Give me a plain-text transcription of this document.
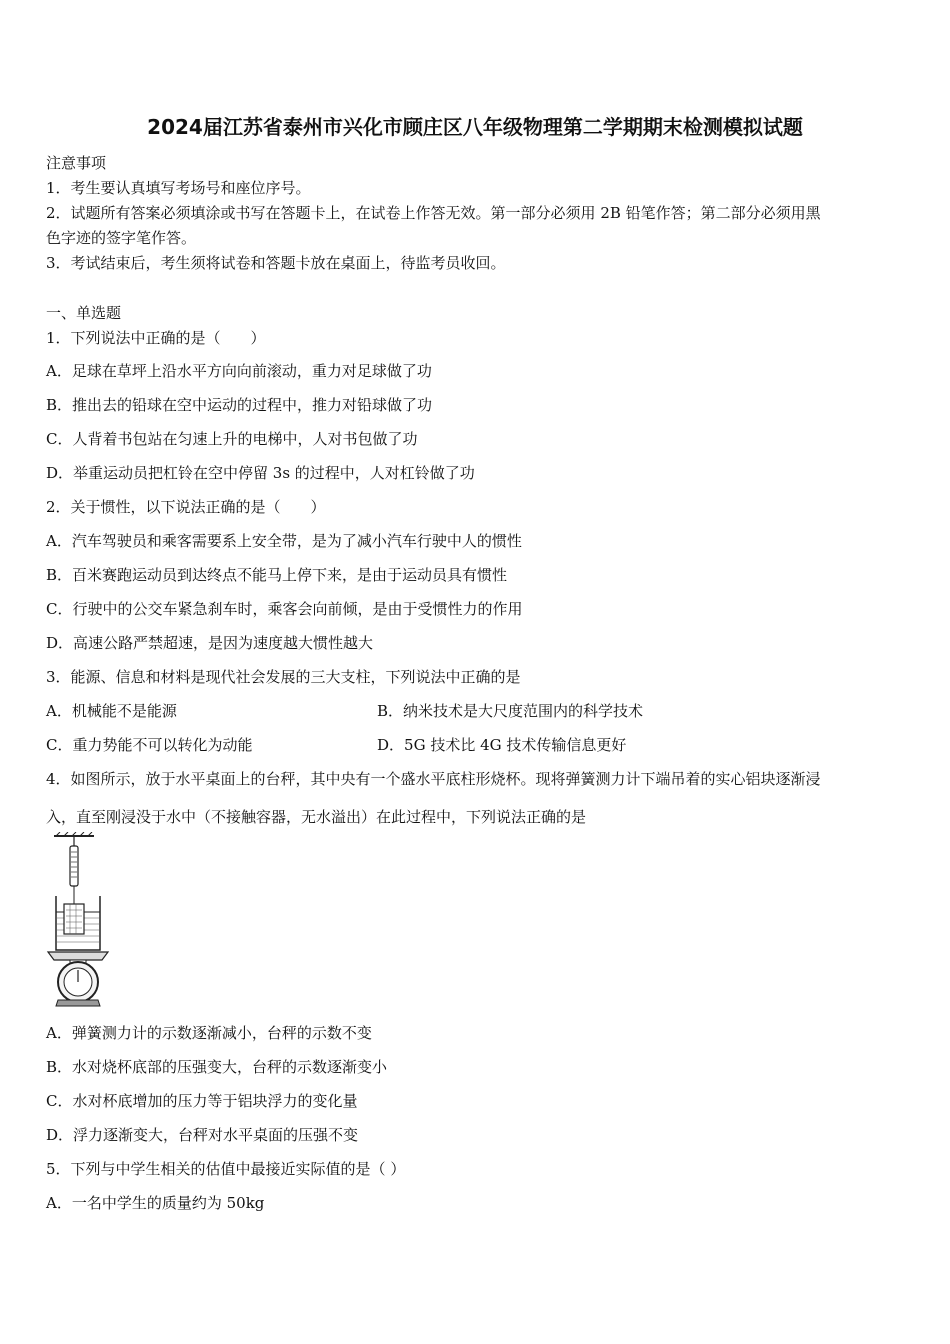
2024届江苏省泰州市兴化市顾庄区八年级物理第二学期期末检测模拟试题
注意事项
1．考生要认真填写考场号和座位序号。
2．试题所有答案必须填涂或书写在答题卡上，在试卷上作答无效。第一部分必须用 2B 铅笔作答；第二部分必须用黑
色字迹的签字笔作答。
3．考试结束后，考生须将试卷和答题卡放在桌面上，待监考员收回。
一、单选题
1．下列说法中正确的是（　　）
A．足球在草坪上沿水平方向向前滚动，重力对足球做了功
B．推出去的铅球在空中运动的过程中，推力对铅球做了功
C．人背着书包站在匀速上升的电梯中，人对书包做了功
D．举重运动员把杠铃在空中停留 3s 的过程中，人对杠铃做了功
2．关于惯性，以下说法正确的是（　　）
A．汽车驾驶员和乘客需要系上安全带，是为了减小汽车行驶中人的惯性
B．百米赛跑运动员到达终点不能马上停下来，是由于运动员具有惯性
C．行驶中的公交车紧急刹车时，乘客会向前倾，是由于受惯性力的作用
D．高速公路严禁超速，是因为速度越大惯性越大
3．能源、信息和材料是现代社会发展的三大支柱，下列说法中正确的是
A．机械能不是能源	B．纳米技术是大尺度范围内的科学技术
C．重力势能不可以转化为动能	D．5G 技术比 4G 技术传输信息更好
4．如图所示，放于水平桌面上的台秤，其中央有一个盛水平底柱形烧杯。现将弹簧测力计下端吊着的实心铝块逐渐浸
入，直至刚浸没于水中（不接触容器，无水溢出）在此过程中，下列说法正确的是
A．弹簧测力计的示数逐渐减小，台秤的示数不变
B．水对烧杯底部的压强变大，台秤的示数逐渐变小
C．水对杯底增加的压力等于铝块浮力的变化量
D．浮力逐渐变大，台秤对水平桌面的压强不变
5．下列与中学生相关的估值中最接近实际值的是（ ）
A．一名中学生的质量约为 50kg
